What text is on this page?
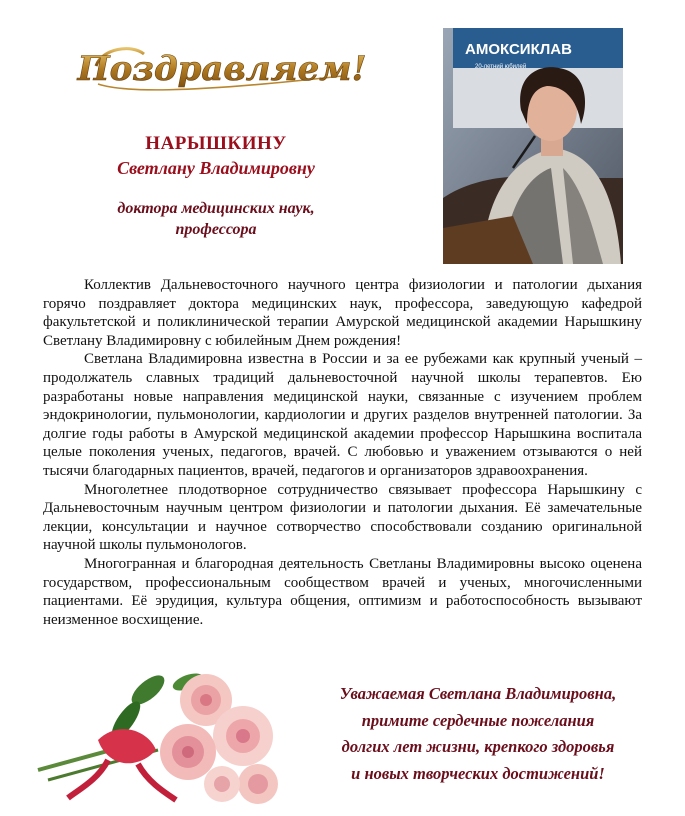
Поздравляем!
НАРЫШКИНУ
Светлану Владимировну
доктора медицинских наук,
профессора
АМОКСИКЛАВ
20-летний юбилей

Коллектив Дальневосточного научного центра физиологии и патологии дыхания горячо поздравляет доктора медицинских наук, профессора, заведующую кафедрой факультетской и поликлинической терапии Амурской медицинской академии Нарышкину Светлану Владимировну с юбилейным Днем рождения!

Светлана Владимировна известна в России и за ее рубежами как крупный ученый – продолжатель славных традиций дальневосточной научной школы терапевтов. Ею разработаны новые направления медицинской науки, связанные с изучением проблем эндокринологии, пульмонологии, кардиологии и других разделов внутренней патологии. За долгие годы работы в Амурской медицинской академии профессор Нарышкина воспитала целые поколения ученых, педагогов, врачей. С любовью и уважением отзываются о ней тысячи благодарных пациентов, врачей, педагогов и организаторов здравоохранения.

Многолетнее плодотворное сотрудничество связывает профессора Нарышкину с Дальневосточным научным центром физиологии и патологии дыхания. Её замечательные лекции, консультации и научное сотворчество способствовали созданию оригинальной научной школы пульмонологов.

Многогранная и благородная деятельность Светланы Владимировны высоко оценена государством, профессиональным сообществом врачей и ученых, многочисленными пациентами. Её эрудиция, культура общения, оптимизм и работоспособность вызывают неизменное восхищение.

Уважаемая Светлана Владимировна,
примите сердечные пожелания
долгих лет жизни, крепкого здоровья
и новых творческих достижений!
